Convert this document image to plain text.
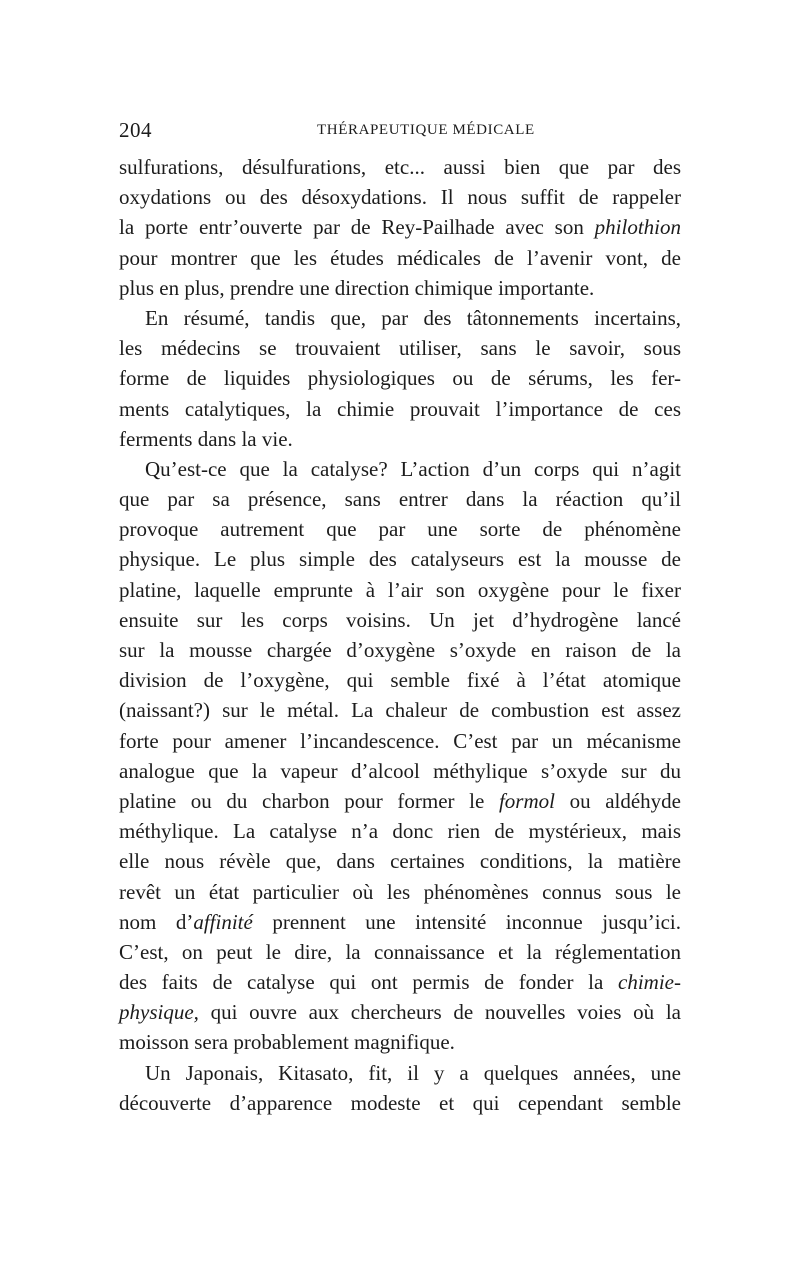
204	THÉRAPEUTIQUE MÉDICALE
sulfurations, désulfurations, etc... aussi bien que par des
oxydations ou des désoxydations. Il nous suffit de rappeler
la porte entr’ouverte par de Rey-Pailhade avec son philothion
pour montrer que les études médicales de l’avenir vont, de
plus en plus, prendre une direction chimique importante.
En résumé, tandis que, par des tâtonnements incertains,
les médecins se trouvaient utiliser, sans le savoir, sous
forme de liquides physiologiques ou de sérums, les fer-
ments catalytiques, la chimie prouvait l’importance de ces
ferments dans la vie.
Qu’est-ce que la catalyse? L’action d’un corps qui n’agit
que par sa présence, sans entrer dans la réaction qu’il
provoque autrement que par une sorte de phénomène
physique. Le plus simple des catalyseurs est la mousse de
platine, laquelle emprunte à l’air son oxygène pour le fixer
ensuite sur les corps voisins. Un jet d’hydrogène lancé
sur la mousse chargée d’oxygène s’oxyde en raison de la
division de l’oxygène, qui semble fixé à l’état atomique
(naissant?) sur le métal. La chaleur de combustion est assez
forte pour amener l’incandescence. C’est par un mécanisme
analogue que la vapeur d’alcool méthylique s’oxyde sur du
platine ou du charbon pour former le formol ou aldéhyde
méthylique. La catalyse n’a donc rien de mystérieux, mais
elle nous révèle que, dans certaines conditions, la matière
revêt un état particulier où les phénomènes connus sous le
nom d’affinité prennent une intensité inconnue jusqu’ici.
C’est, on peut le dire, la connaissance et la réglementation
des faits de catalyse qui ont permis de fonder la chimie-
physique, qui ouvre aux chercheurs de nouvelles voies où la
moisson sera probablement magnifique.
Un Japonais, Kitasato, fit, il y a quelques années, une
découverte d’apparence modeste et qui cependant semble
